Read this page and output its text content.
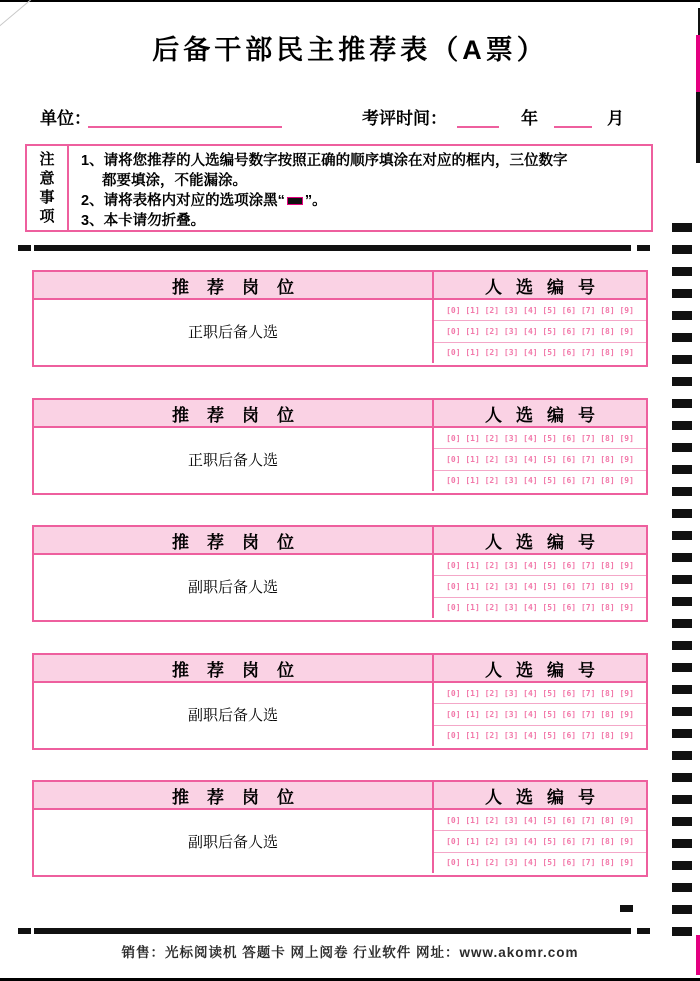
后备干部民主推荐表（A票）
单位：	考评时间：	年	月
注意事项
1、请将您推荐的人选编号数字按照正确的顺序填涂在对应的框内，三位数字
都要填涂，不能漏涂。
2、请将表格内对应的选项涂黑“ ”。
3、本卡请勿折叠。
销售：光标阅读机 答题卡 网上阅卷 行业软件 网址：www.akomr.com
推荐岗位	人选编号
正职后备人选
[0] [1] [2] [3] [4] [5] [6] [7] [8] [9]
[0] [1] [2] [3] [4] [5] [6] [7] [8] [9]
[0] [1] [2] [3] [4] [5] [6] [7] [8] [9]
推荐岗位	人选编号
正职后备人选
[0] [1] [2] [3] [4] [5] [6] [7] [8] [9]
[0] [1] [2] [3] [4] [5] [6] [7] [8] [9]
[0] [1] [2] [3] [4] [5] [6] [7] [8] [9]
推荐岗位	人选编号
副职后备人选
[0] [1] [2] [3] [4] [5] [6] [7] [8] [9]
[0] [1] [2] [3] [4] [5] [6] [7] [8] [9]
[0] [1] [2] [3] [4] [5] [6] [7] [8] [9]
推荐岗位	人选编号
副职后备人选
[0] [1] [2] [3] [4] [5] [6] [7] [8] [9]
[0] [1] [2] [3] [4] [5] [6] [7] [8] [9]
[0] [1] [2] [3] [4] [5] [6] [7] [8] [9]
推荐岗位	人选编号
副职后备人选
[0] [1] [2] [3] [4] [5] [6] [7] [8] [9]
[0] [1] [2] [3] [4] [5] [6] [7] [8] [9]
[0] [1] [2] [3] [4] [5] [6] [7] [8] [9]
